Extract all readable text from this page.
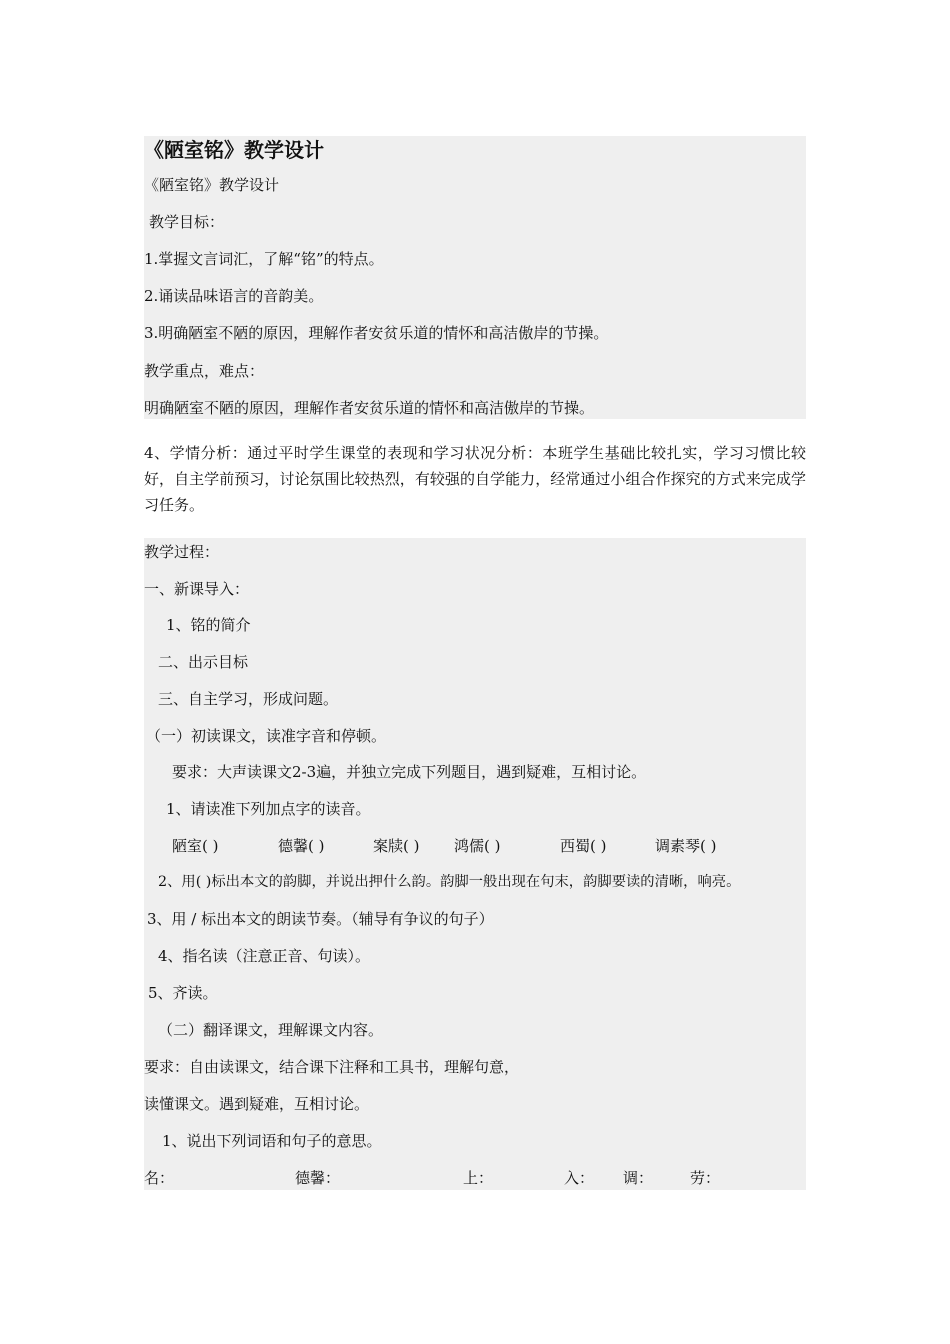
《陋室铭》教学设计
《陋室铭》教学设计
教学目标：
1.掌握文言词汇，了解“铭”的特点。
2.诵读品味语言的音韵美。
3.明确陋室不陋的原因，理解作者安贫乐道的情怀和高洁傲岸的节操。
教学重点，难点：
明确陋室不陋的原因，理解作者安贫乐道的情怀和高洁傲岸的节操。
4、学情分析：通过平时学生课堂的表现和学习状况分析：本班学生基础比较扎实，学习习惯比较好，自主学前预习，讨论氛围比较热烈，有较强的自学能力，经常通过小组合作探究的方式来完成学习任务。
教学过程：
一、新课导入：
1、铭的简介
二、出示目标
三、自主学习，形成问题。
（一）初读课文，读准字音和停顿。
要求：大声读课文2-3遍，并独立完成下列题目，遇到疑难，互相讨论。
1、请读准下列加点字的读音。
陋室( )	德馨( )	案牍( ) 鸿儒( )	西蜀( )	调素琴( )
2、用( )标出本文的韵脚，并说出押什么韵。韵脚一般出现在句末，韵脚要读的清晰，响亮。
3、用 / 标出本文的朗读节奏。（辅导有争议的句子）
4、指名读（注意正音、句读）。
5、齐读。
（二）翻译课文，理解课文内容。
要求：自由读课文，结合课下注释和工具书，理解句意，
读懂课文。遇到疑难，互相讨论。
1、说出下列词语和句子的意思。
名：	德馨：	上：	入： 调： 劳：
